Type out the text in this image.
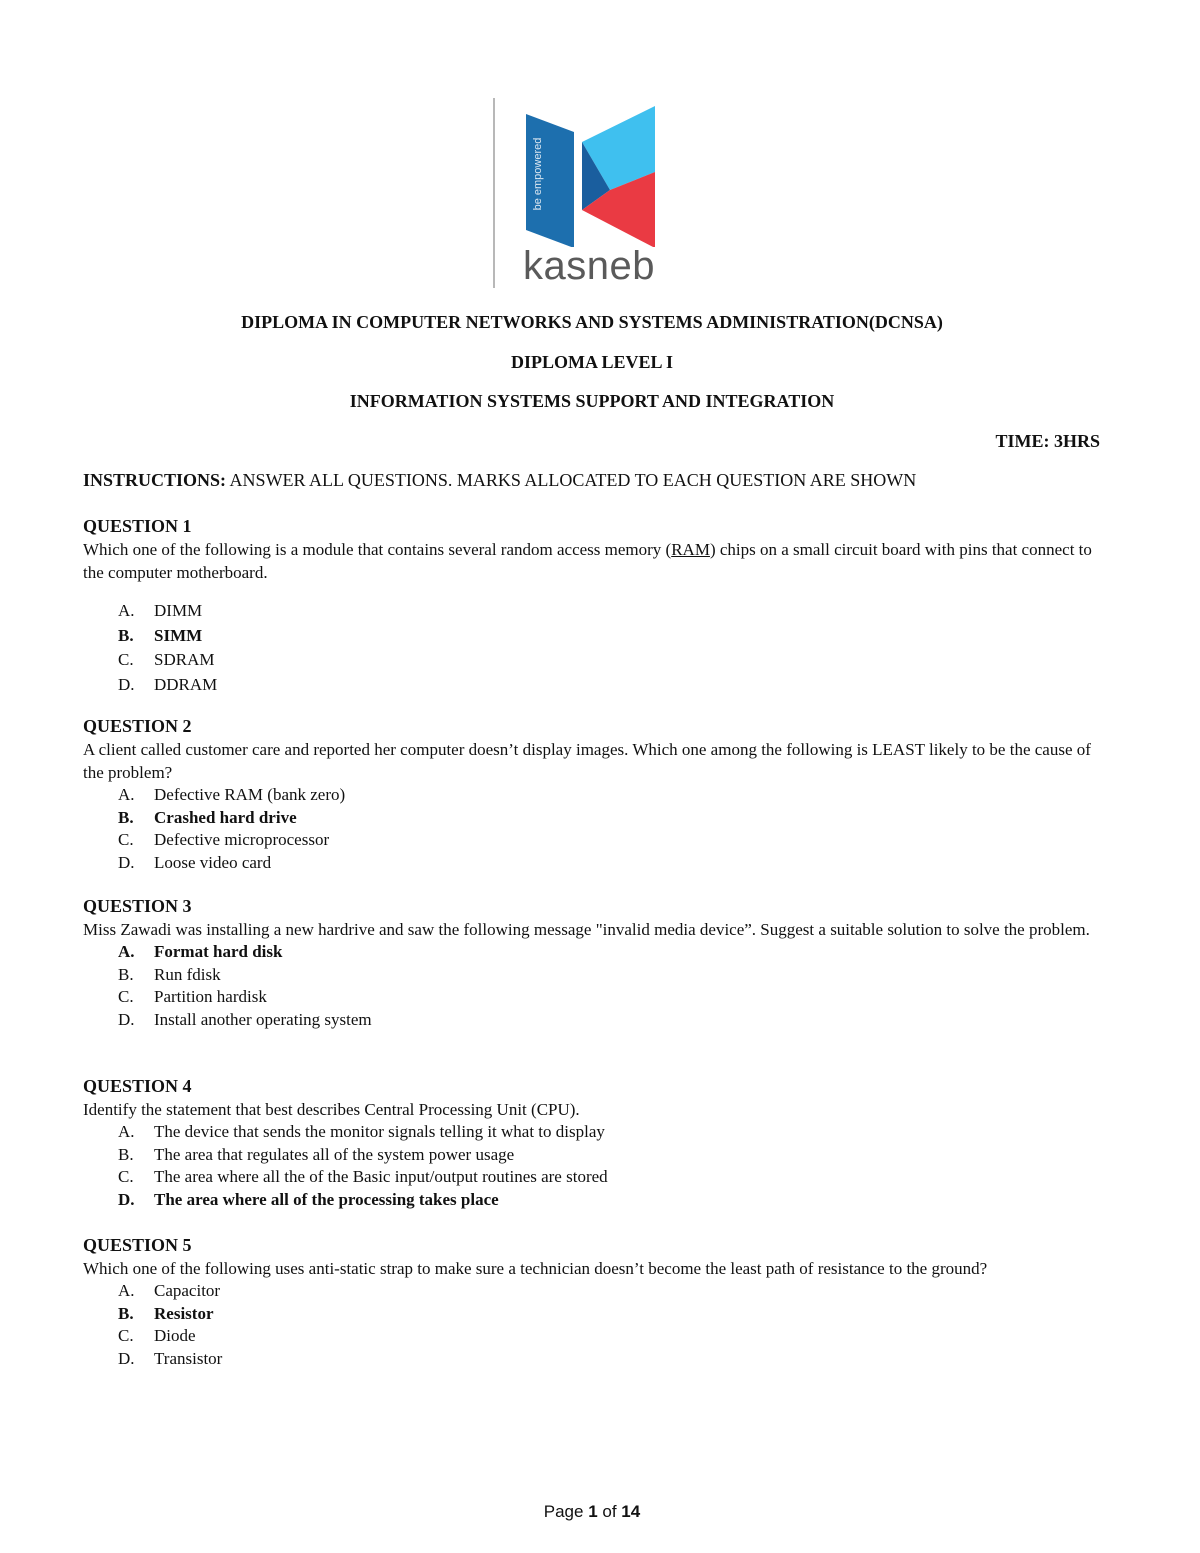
be empowered
kasneb
DIPLOMA IN COMPUTER NETWORKS AND SYSTEMS ADMINISTRATION(DCNSA)
DIPLOMA LEVEL I
INFORMATION SYSTEMS SUPPORT AND INTEGRATION
TIME: 3HRS
INSTRUCTIONS: ANSWER ALL QUESTIONS. MARKS ALLOCATED TO EACH QUESTION ARE SHOWN
QUESTION 1
Which one of the following is a module that contains several random access memory (RAM) chips on a small circuit board with pins that connect to the computer motherboard.
A. DIMM
B. SIMM
C. SDRAM
D. DDRAM
QUESTION 2
A client called customer care and reported her computer doesn’t display images. Which one among the following is LEAST likely to be the cause of the problem?
A. Defective RAM (bank zero)
B. Crashed hard drive
C. Defective microprocessor
D. Loose video card
QUESTION 3
Miss Zawadi was installing a new hardrive and saw the following message "invalid media device”. Suggest a suitable solution to solve the problem.
A. Format hard disk
B. Run fdisk
C. Partition hardisk
D. Install another operating system
QUESTION 4
Identify the statement that best describes Central Processing Unit (CPU).
A. The device that sends the monitor signals telling it what to display
B. The area that regulates all of the system power usage
C. The area where all the of the Basic input/output routines are stored
D. The area where all of the processing takes place
QUESTION 5
Which one of the following uses anti-static strap to make sure a technician doesn’t become the least path of resistance to the ground?
A. Capacitor
B. Resistor
C. Diode
D. Transistor
Page 1 of 14
